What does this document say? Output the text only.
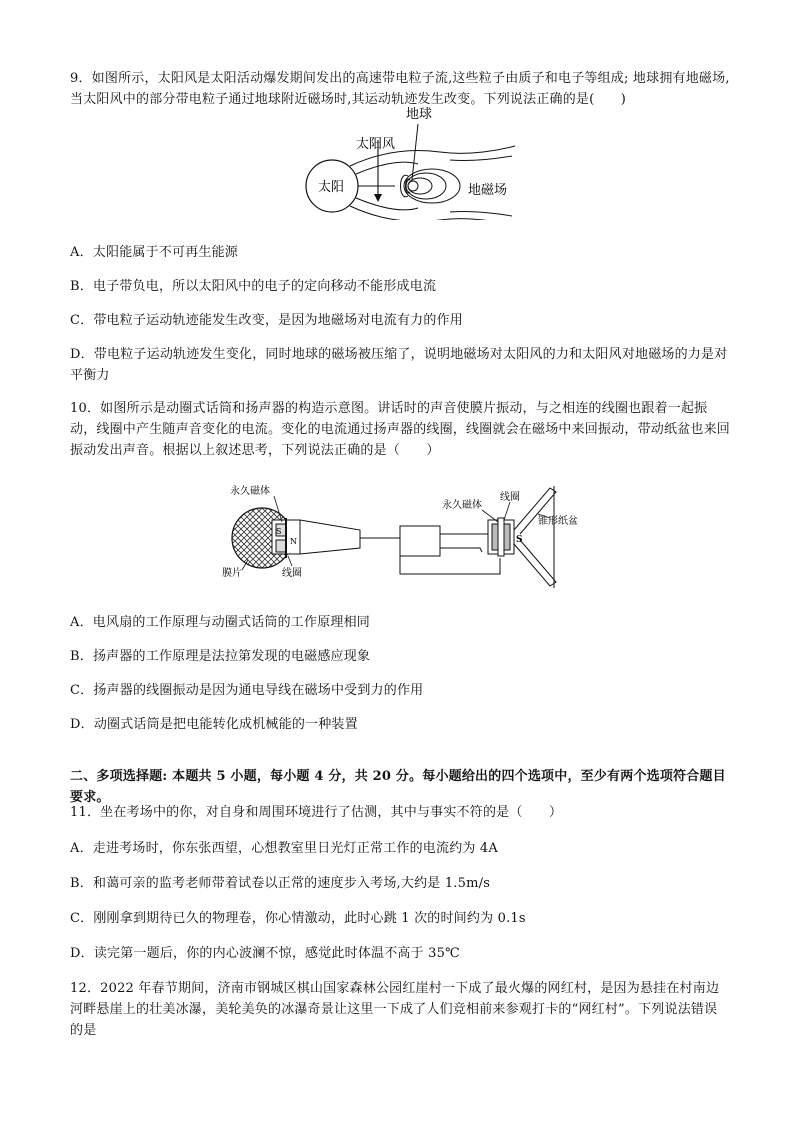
9．如图所示，太阳风是太阳活动爆发期间发出的高速带电粒子流,这些粒子由质子和电子等组成; 地球拥有地磁场,当太阳风中的部分带电粒子通过地球附近磁场时,其运动轨迹发生改变。下列说法正确的是(　　)

太阳
太阳风
地球
地磁场

A．太阳能属于不可再生能源

B．电子带负电，所以太阳风中的电子的定向移动不能形成电流

C．带电粒子运动轨迹能发生改变，是因为地磁场对电流有力的作用

D．带电粒子运动轨迹发生变化，同时地球的磁场被压缩了，说明地磁场对太阳风的力和太阳风对地磁场的力是对平衡力

10．如图所示是动圈式话筒和扬声器的构造示意图。讲话时的声音使膜片振动，与之相连的线圈也跟着一起振动，线圈中产生随声音变化的电流。变化的电流通过扬声器的线圈，线圈就会在磁场中来回振动，带动纸盆也来回振动发出声音。根据以上叙述思考，下列说法正确的是（　　）

S
N	S
永久磁体
膜片	线圈
永久磁体
线圈
锥形纸盆

A．电风扇的工作原理与动圈式话筒的工作原理相同

B．扬声器的工作原理是法拉第发现的电磁感应现象

C．扬声器的线圈振动是因为通电导线在磁场中受到力的作用

D．动圈式话筒是把电能转化成机械能的一种装置

二、多项选择题: 本题共 5 小题，每小题 4 分，共 20 分。每小题给出的四个选项中，至少有两个选项符合题目要求。

11．坐在考场中的你，对自身和周围环境进行了估测，其中与事实不符的是（　　）

A．走进考场时，你东张西望，心想教室里日光灯正常工作的电流约为 4A

B．和蔼可亲的监考老师带着试卷以正常的速度步入考场,大约是 1.5m/s

C．刚刚拿到期待已久的物理卷，你心情激动，此时心跳 1 次的时间约为 0.1s

D．读完第一题后，你的内心波澜不惊，感觉此时体温不高于 35℃

12．2022 年春节期间，济南市钢城区棋山国家森林公园红崖村一下成了最火爆的网红村，是因为悬挂在村南边河畔悬崖上的壮美冰瀑，美轮美奂的冰瀑奇景让这里一下成了人们竞相前来参观打卡的“网红村”。下列说法错误的是
